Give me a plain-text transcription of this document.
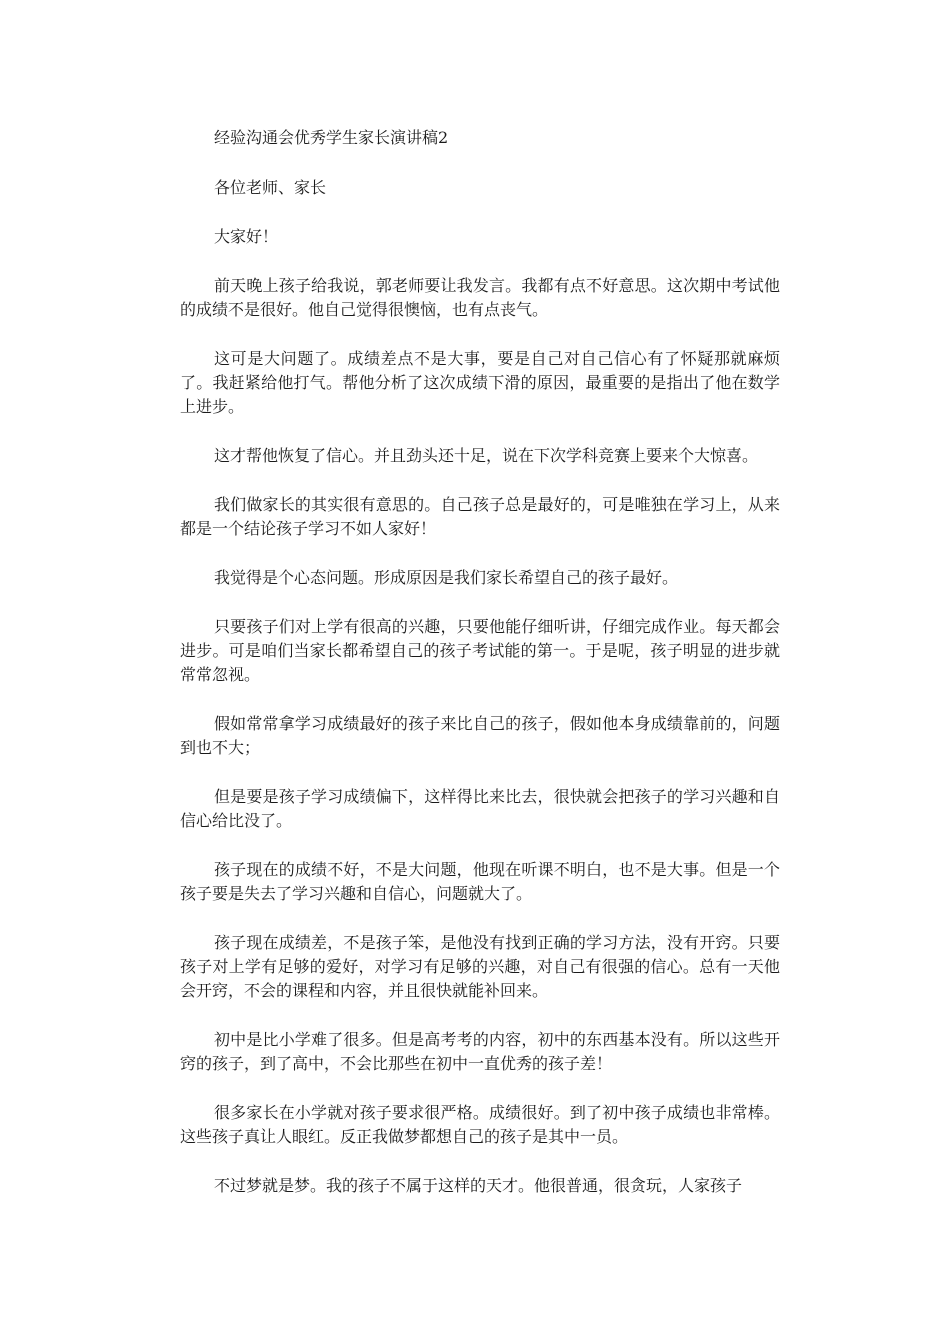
经验沟通会优秀学生家长演讲稿2

各位老师、家长

大家好！

前天晚上孩子给我说，郭老师要让我发言。我都有点不好意思。这次期中考试他的成绩不是很好。他自己觉得很懊恼，也有点丧气。

这可是大问题了。成绩差点不是大事，要是自己对自己信心有了怀疑那就麻烦了。我赶紧给他打气。帮他分析了这次成绩下滑的原因，最重要的是指出了他在数学上进步。

这才帮他恢复了信心。并且劲头还十足，说在下次学科竞赛上要来个大惊喜。

我们做家长的其实很有意思的。自己孩子总是最好的，可是唯独在学习上，从来都是一个结论孩子学习不如人家好！

我觉得是个心态问题。形成原因是我们家长希望自己的孩子最好。

只要孩子们对上学有很高的兴趣，只要他能仔细听讲，仔细完成作业。每天都会进步。可是咱们当家长都希望自己的孩子考试能的第一。于是呢，孩子明显的进步就常常忽视。

假如常常拿学习成绩最好的孩子来比自己的孩子，假如他本身成绩靠前的，问题到也不大；

但是要是孩子学习成绩偏下，这样得比来比去，很快就会把孩子的学习兴趣和自信心给比没了。

孩子现在的成绩不好，不是大问题，他现在听课不明白，也不是大事。但是一个孩子要是失去了学习兴趣和自信心，问题就大了。

孩子现在成绩差，不是孩子笨，是他没有找到正确的学习方法，没有开窍。只要孩子对上学有足够的爱好，对学习有足够的兴趣，对自己有很强的信心。总有一天他会开窍，不会的课程和内容，并且很快就能补回来。

初中是比小学难了很多。但是高考考的内容，初中的东西基本没有。所以这些开窍的孩子，到了高中，不会比那些在初中一直优秀的孩子差！

很多家长在小学就对孩子要求很严格。成绩很好。到了初中孩子成绩也非常棒。这些孩子真让人眼红。反正我做梦都想自己的孩子是其中一员。

不过梦就是梦。我的孩子不属于这样的天才。他很普通，很贪玩，人家孩子
